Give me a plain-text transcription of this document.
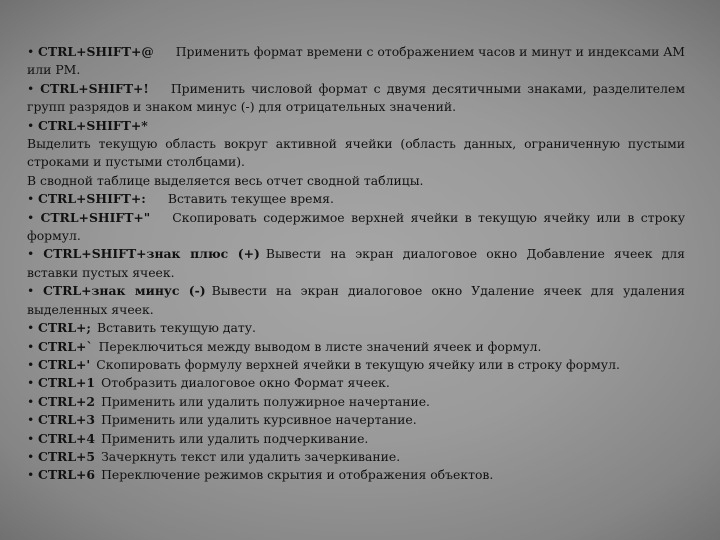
• CTRL+SHIFT+@ Применить формат времени с отображением часов и минут и индексами AM или PM.

• CTRL+SHIFT+! Применить числовой формат с двумя десятичными знаками, разделителем групп разрядов и знаком минус (-) для отрицательных значений.

• CTRL+SHIFT+*

Выделить текущую область вокруг активной ячейки (область данных, ограниченную пустыми строками и пустыми столбцами).

В сводной таблице выделяется весь отчет сводной таблицы.

• CTRL+SHIFT+: Вставить текущее время.

• CTRL+SHIFT+" Скопировать содержимое верхней ячейки в текущую ячейку или в строку формул.

• CTRL+SHIFT+знак плюс (+) Вывести на экран диалоговое окно Добавление ячеек для вставки пустых ячеек.

• CTRL+знак минус (-) Вывести на экран диалоговое окно Удаление ячеек для удаления выделенных ячеек.

• CTRL+; Вставить текущую дату.

• CTRL+` Переключиться между выводом в листе значений ячеек и формул.

• CTRL+' Скопировать формулу верхней ячейки в текущую ячейку или в строку формул.

• CTRL+1 Отобразить диалоговое окно Формат ячеек.

• CTRL+2 Применить или удалить полужирное начертание.

• CTRL+3 Применить или удалить курсивное начертание.

• CTRL+4 Применить или удалить подчеркивание.

• CTRL+5 Зачеркнуть текст или удалить зачеркивание.

• CTRL+6 Переключение режимов скрытия и отображения объектов.
